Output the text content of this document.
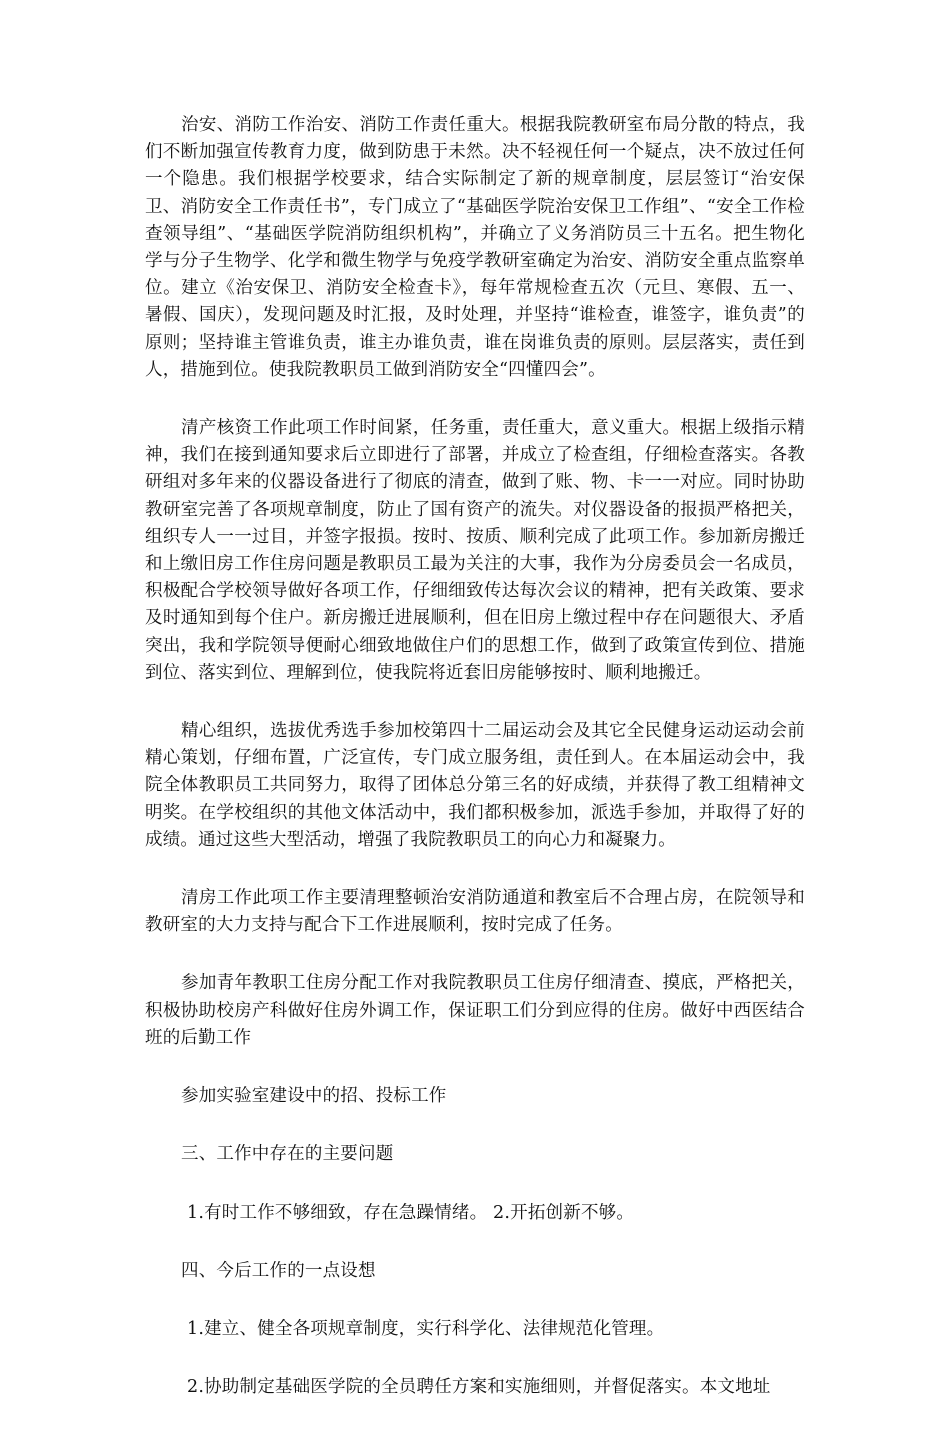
治安、消防工作治安、消防工作责任重大。根据我院教研室布局分散的特点，我们不断加强宣传教育力度，做到防患于未然。决不轻视任何一个疑点，决不放过任何一个隐患。我们根据学校要求，结合实际制定了新的规章制度，层层签订“治安保卫、消防安全工作责任书”，专门成立了“基础医学院治安保卫工作组”、“安全工作检查领导组”、“基础医学院消防组织机构”，并确立了义务消防员三十五名。把生物化学与分子生物学、化学和微生物学与免疫学教研室确定为治安、消防安全重点监察单位。建立《治安保卫、消防安全检查卡》，每年常规检查五次（元旦、寒假、五一、暑假、国庆），发现问题及时汇报，及时处理，并坚持“谁检查，谁签字，谁负责”的原则；坚持谁主管谁负责，谁主办谁负责，谁在岗谁负责的原则。层层落实，责任到人，措施到位。使我院教职员工做到消防安全“四懂四会”。

清产核资工作此项工作时间紧，任务重，责任重大，意义重大。根据上级指示精神，我们在接到通知要求后立即进行了部署，并成立了检查组，仔细检查落实。各教研组对多年来的仪器设备进行了彻底的清查，做到了账、物、卡一一对应。同时协助教研室完善了各项规章制度，防止了国有资产的流失。对仪器设备的报损严格把关，组织专人一一过目，并签字报损。按时、按质、顺利完成了此项工作。参加新房搬迁和上缴旧房工作住房问题是教职员工最为关注的大事，我作为分房委员会一名成员，积极配合学校领导做好各项工作，仔细细致传达每次会议的精神，把有关政策、要求及时通知到每个住户。新房搬迁进展顺利，但在旧房上缴过程中存在问题很大、矛盾突出，我和学院领导便耐心细致地做住户们的思想工作，做到了政策宣传到位、措施到位、落实到位、理解到位，使我院将近套旧房能够按时、顺利地搬迁。

精心组织，选拔优秀选手参加校第四十二届运动会及其它全民健身运动运动会前精心策划，仔细布置，广泛宣传，专门成立服务组，责任到人。在本届运动会中，我院全体教职员工共同努力，取得了团体总分第三名的好成绩，并获得了教工组精神文明奖。在学校组织的其他文体活动中，我们都积极参加，派选手参加，并取得了好的成绩。通过这些大型活动，增强了我院教职员工的向心力和凝聚力。

清房工作此项工作主要清理整顿治安消防通道和教室后不合理占房，在院领导和教研室的大力支持与配合下工作进展顺利，按时完成了任务。

参加青年教职工住房分配工作对我院教职员工住房仔细清查、摸底，严格把关，积极协助校房产科做好住房外调工作，保证职工们分到应得的住房。做好中西医结合班的后勤工作

参加实验室建设中的招、投标工作

三、工作中存在的主要问题

1.有时工作不够细致，存在急躁情绪。 2.开拓创新不够。

四、今后工作的一点设想

1.建立、健全各项规章制度，实行科学化、法律规范化管理。

2.协助制定基础医学院的全员聘任方案和实施细则，并督促落实。本文地址
